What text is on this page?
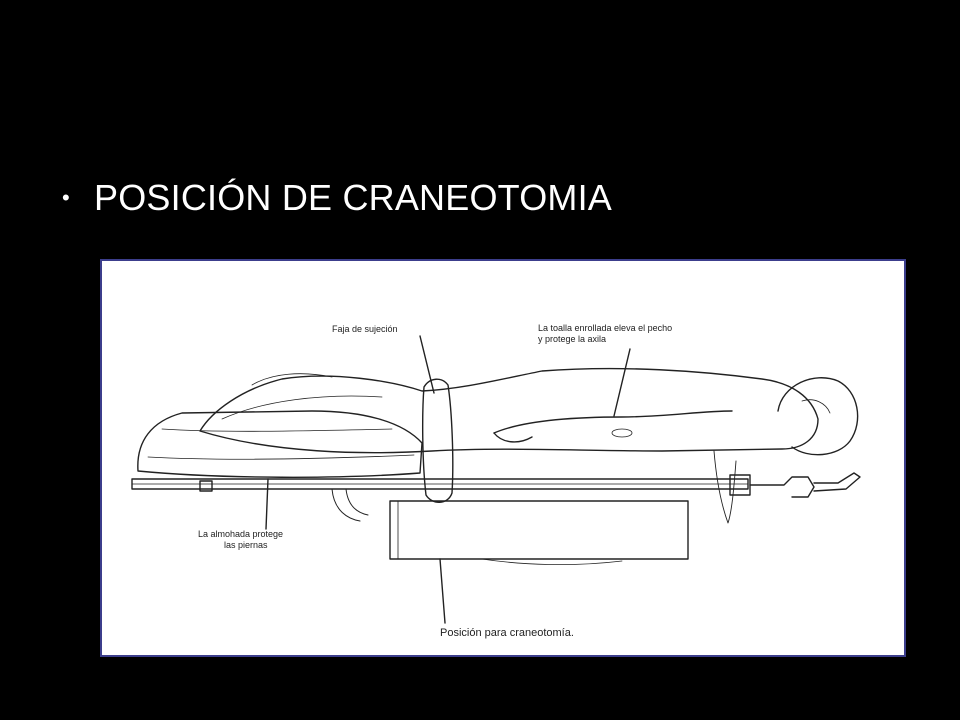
• POSICIÓN DE CRANEOTOMIA
Faja de sujeción	La toalla enrollada eleva el pecho
y protege la axila
La almohada protege
las piernas
Posición para craneotomía.
